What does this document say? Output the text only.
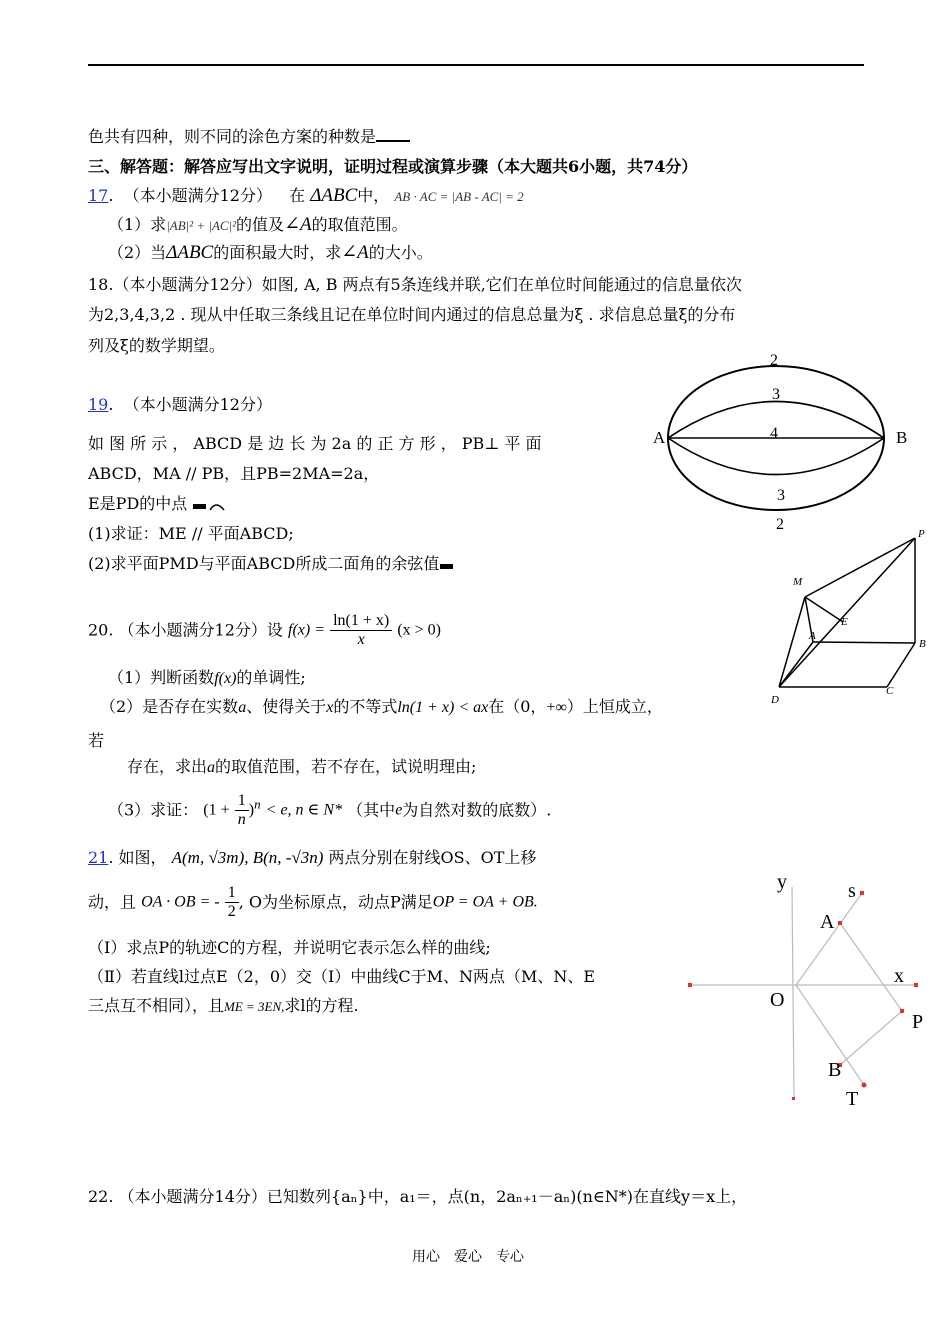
色共有四种，则不同的涂色方案的种数是
三、解答题：解答应写出文字说明，证明过程或演算步骤（本大题共6小题，共74分）
17.  （本小题满分12分） 在 ΔABC中， AB · AC = |AB - AC| = 2
（1）求|AB|² + |AC|²的值及∠A的取值范围。
（2）当ΔABC的面积最大时，求∠A的大小。
18.（本小题满分12分）如图, A, B 两点有5条连线并联,它们在单位时间能通过的信息量依次
为2,3,4,3,2 . 现从中任取三条线且记在单位时间内通过的信息总量为ξ . 求信息总量ξ的分布
列及ξ的数学期望。
A	B
2
3
4
3
2
19.  （本小题满分12分）
如 图 所 示 ， ABCD 是 边 长 为 2a 的 正 方 形 ， PB⊥ 平 面
ABCD，MA // PB，且PB=2MA=2a，
E是PD的中点
(1)求证：ME // 平面ABCD;
(2)求平面PMD与平面ABCD所成二面角的余弦值
P
M
E
A
B
D
C
20. （本小题满分12分）设 $f(x) = \frac{\ln(1 + x)}{x} (x > 0)$
（1）判断函数f(x)的单调性;
（2）是否存在实数a、使得关于x的不等式ln(1 + x) < ax在（0，+∞）上恒成立，
若
存在，求出a的取值范围，若不存在，试说明理由;
（3）求证： $(1 + \frac{1}{n} )^n < e$, n ∈ N* （其中e为自然对数的底数）.
21. 如图， A(m, √3m), B(n, -√3n) 两点分别在射线OS、OT上移
动，且 OA · OB = - $\frac{1}{2}$ , O为坐标原点，动点P满足OP = OA + OB.
（Ⅰ）求点P的轨迹C的方程，并说明它表示怎么样的曲线;
（Ⅱ）若直线l过点E（2，0）交（Ⅰ）中曲线C于M、N两点（M、N、E
三点互不相同），且ME = 3EN,求l的方程.
y	s
A
x
O
P
B
T
22. （本小题满分14分）已知数列{aₙ}中，a₁＝，点(n，2aₙ₊₁－aₙ)(n∈N*)在直线y＝x上，
用心　爱心　专心
